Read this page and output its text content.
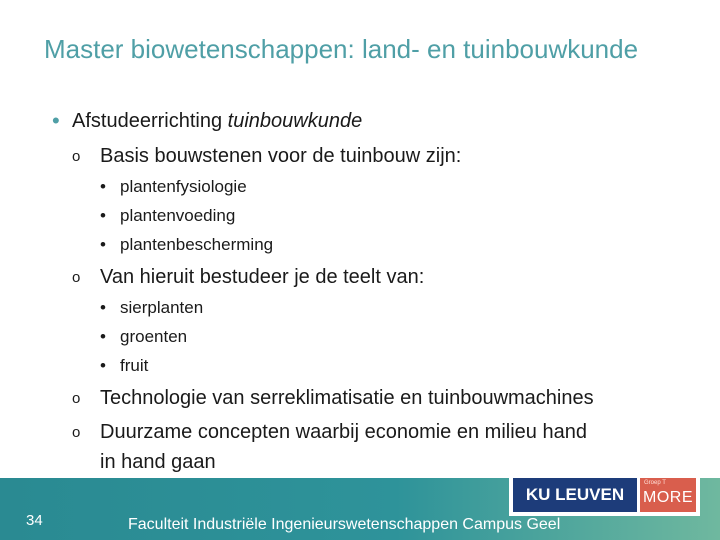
Master biowetenschappen: land- en tuinbouwkunde
• Afstudeerrichting tuinbouwkunde
o Basis bouwstenen voor de tuinbouw zijn:
• plantenfysiologie
• plantenvoeding
• plantenbescherming
o Van hieruit bestudeer je de teelt van:
• sierplanten
• groenten
• fruit
o Technologie van serreklimatisatie en tuinbouwmachines
o Duurzame concepten waarbij economie en milieu hand
in hand gaan
34	Faculteit Industriële Ingenieurswetenschappen Campus Geel
KU LEUVEN
Groep T
MORE
